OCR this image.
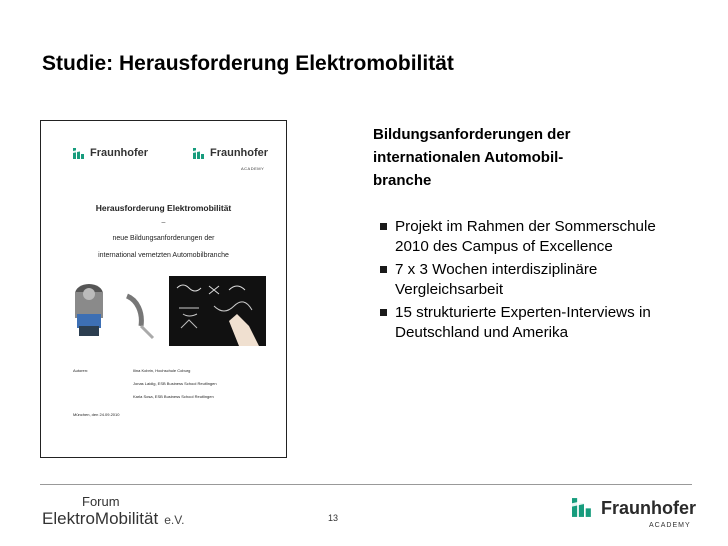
Studie: Herausforderung Elektromobilität
Fraunhofer	Fraunhofer
ACADEMY
Herausforderung Elektromobilität
–
neue Bildungsanforderungen der
international vernetzten Automobilbranche
Autoren:	Ilina Kobrin, Hochschule Coburg
Jonas Laidig, ESB Business School Reutlingen
Karla Sosa, ESB Business School Reutlingen
München, den 24.09.2010
Bildungsanforderungen der
internationalen Automobil-
branche
Projekt im Rahmen der Sommerschule 2010 des Campus of Excellence
7 x 3 Wochen interdisziplinäre Vergleichsarbeit
15 strukturierte Experten-Interviews in Deutschland und Amerika
Forum
ElektroMobilität e.V.	13
Fraunhofer
ACADEMY
